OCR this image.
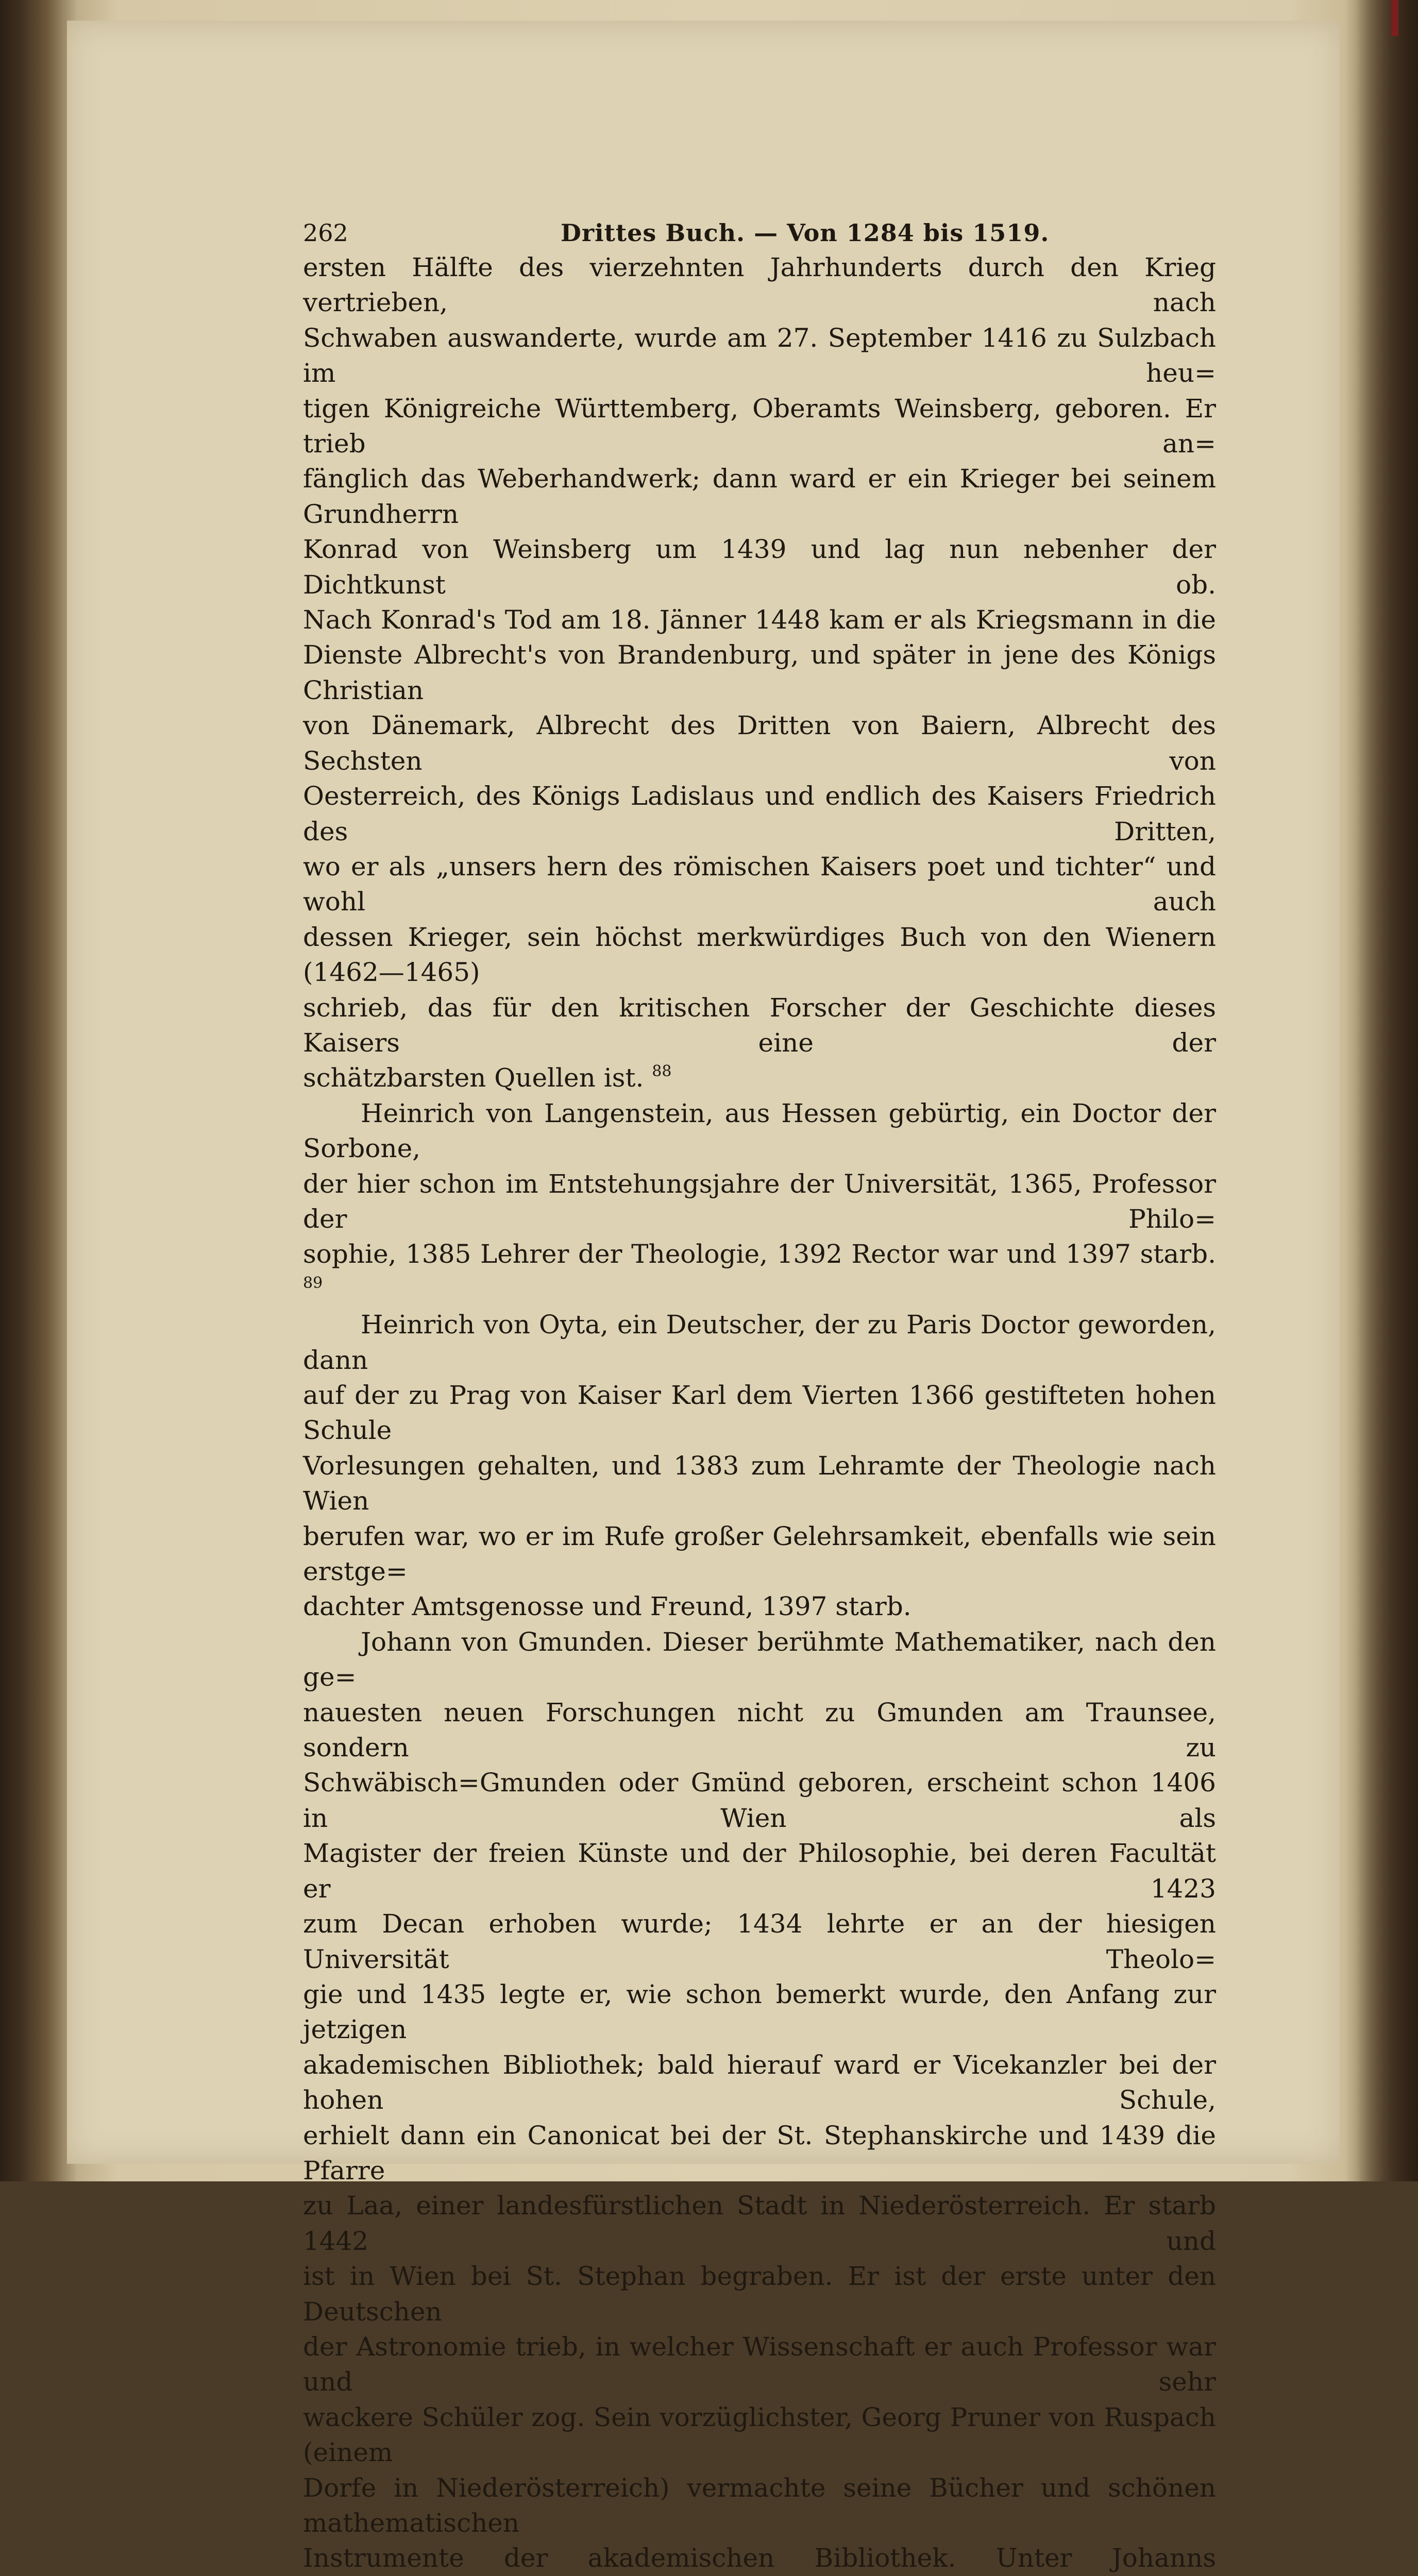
262	Drittes Buch. — Von 1284 bis 1519.

ersten Hälfte des vierzehnten Jahrhunderts durch den Krieg vertrieben, nach

Schwaben auswanderte, wurde am 27. September 1416 zu Sulzbach im heu=

tigen Königreiche Württemberg, Oberamts Weinsberg, geboren. Er trieb an=

fänglich das Weberhandwerk; dann ward er ein Krieger bei seinem Grundherrn

Konrad von Weinsberg um 1439 und lag nun nebenher der Dichtkunst ob.

Nach Konrad's Tod am 18. Jänner 1448 kam er als Kriegsmann in die

Dienste Albrecht's von Brandenburg, und später in jene des Königs Christian

von Dänemark, Albrecht des Dritten von Baiern, Albrecht des Sechsten von

Oesterreich, des Königs Ladislaus und endlich des Kaisers Friedrich des Dritten,

wo er als „unsers hern des römischen Kaisers poet und tichter“ und wohl auch

dessen Krieger, sein höchst merkwürdiges Buch von den Wienern (1462—1465)

schrieb, das für den kritischen Forscher der Geschichte dieses Kaisers eine der

schätzbarsten Quellen ist. $^{88}$

Heinrich von Langenstein, aus Hessen gebürtig, ein Doctor der Sorbone,

der hier schon im Entstehungsjahre der Universität, 1365, Professor der Philo=

sophie, 1385 Lehrer der Theologie, 1392 Rector war und 1397 starb. $^{89}$

Heinrich von Oyta, ein Deutscher, der zu Paris Doctor geworden, dann

auf der zu Prag von Kaiser Karl dem Vierten 1366 gestifteten hohen Schule

Vorlesungen gehalten, und 1383 zum Lehramte der Theologie nach Wien

berufen war, wo er im Rufe großer Gelehrsamkeit, ebenfalls wie sein erstge=

dachter Amtsgenosse und Freund, 1397 starb.

Johann von Gmunden. Dieser berühmte Mathematiker, nach den ge=

nauesten neuen Forschungen nicht zu Gmunden am Traunsee, sondern zu

Schwäbisch=Gmunden oder Gmünd geboren, erscheint schon 1406 in Wien als

Magister der freien Künste und der Philosophie, bei deren Facultät er 1423

zum Decan erhoben wurde; 1434 lehrte er an der hiesigen Universität Theolo=

gie und 1435 legte er, wie schon bemerkt wurde, den Anfang zur jetzigen

akademischen Bibliothek; bald hierauf ward er Vicekanzler bei der hohen Schule,

erhielt dann ein Canonicat bei der St. Stephanskirche und 1439 die Pfarre

zu Laa, einer landesfürstlichen Stadt in Niederösterreich. Er starb 1442 und

ist in Wien bei St. Stephan begraben. Er ist der erste unter den Deutschen

der Astronomie trieb, in welcher Wissenschaft er auch Professor war und sehr

wackere Schüler zog. Sein vorzüglichster, Georg Pruner von Ruspach (einem

Dorfe in Niederösterreich) vermachte seine Bücher und schönen mathematischen

Instrumente der akademischen Bibliothek. Unter Johanns
